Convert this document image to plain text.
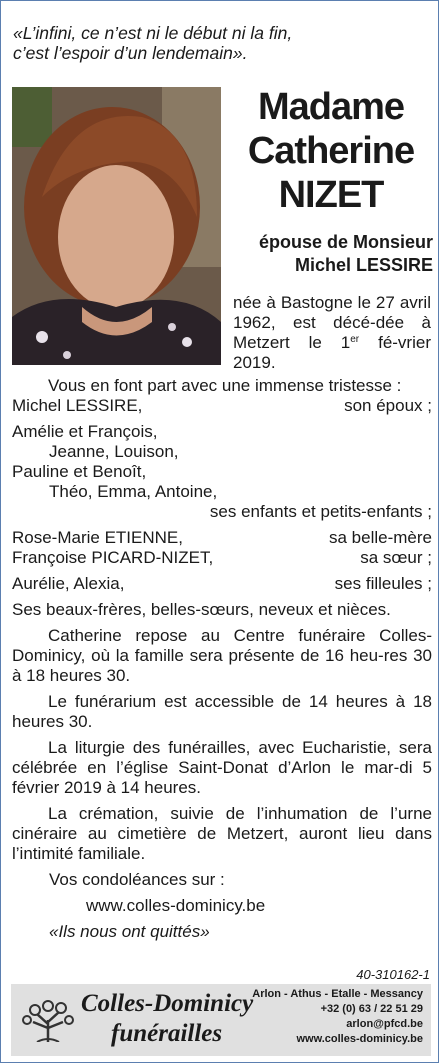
«L’infini, ce n’est ni le début ni la fin,
c’est l’espoir d’un lendemain».
Madame
Catherine
NIZET
épouse de Monsieur
Michel LESSIRE
née à Bastogne le 27 avril 1962, est décé-dée à Metzert le 1er fé-vrier 2019.
Vous en font part avec une immense tristesse :
Michel LESSIRE,	son époux ;
Amélie et François,
Jeanne, Louison,
Pauline et Benoît,
Théo, Emma, Antoine,
ses enfants et petits-enfants ;
Rose-Marie ETIENNE,	sa belle-mère
Françoise PICARD-NIZET,	sa sœur ;
Aurélie, Alexia,	ses filleules ;
Ses beaux-frères, belles-sœurs, neveux et nièces.
Catherine repose au Centre funéraire Colles-Dominicy, où la famille sera présente de 16 heu-res 30 à 18 heures 30.
Le funérarium est accessible de 14 heures à 18 heures 30.
La liturgie des funérailles, avec Eucharistie, sera célébrée en l’église Saint-Donat d’Arlon le mar-di 5 février 2019 à 14 heures.
La crémation, suivie de l’inhumation de l’urne cinéraire au cimetière de Metzert, auront lieu dans l’intimité familiale.
Vos condoléances sur :
www.colles-dominicy.be
«Ils nous ont quittés»
40-310162-1
Colles-Dominicy
funérailles
Arlon - Athus - Etalle - Messancy
+32 (0) 63 / 22 51 29
arlon@pfcd.be
www.colles-dominicy.be
